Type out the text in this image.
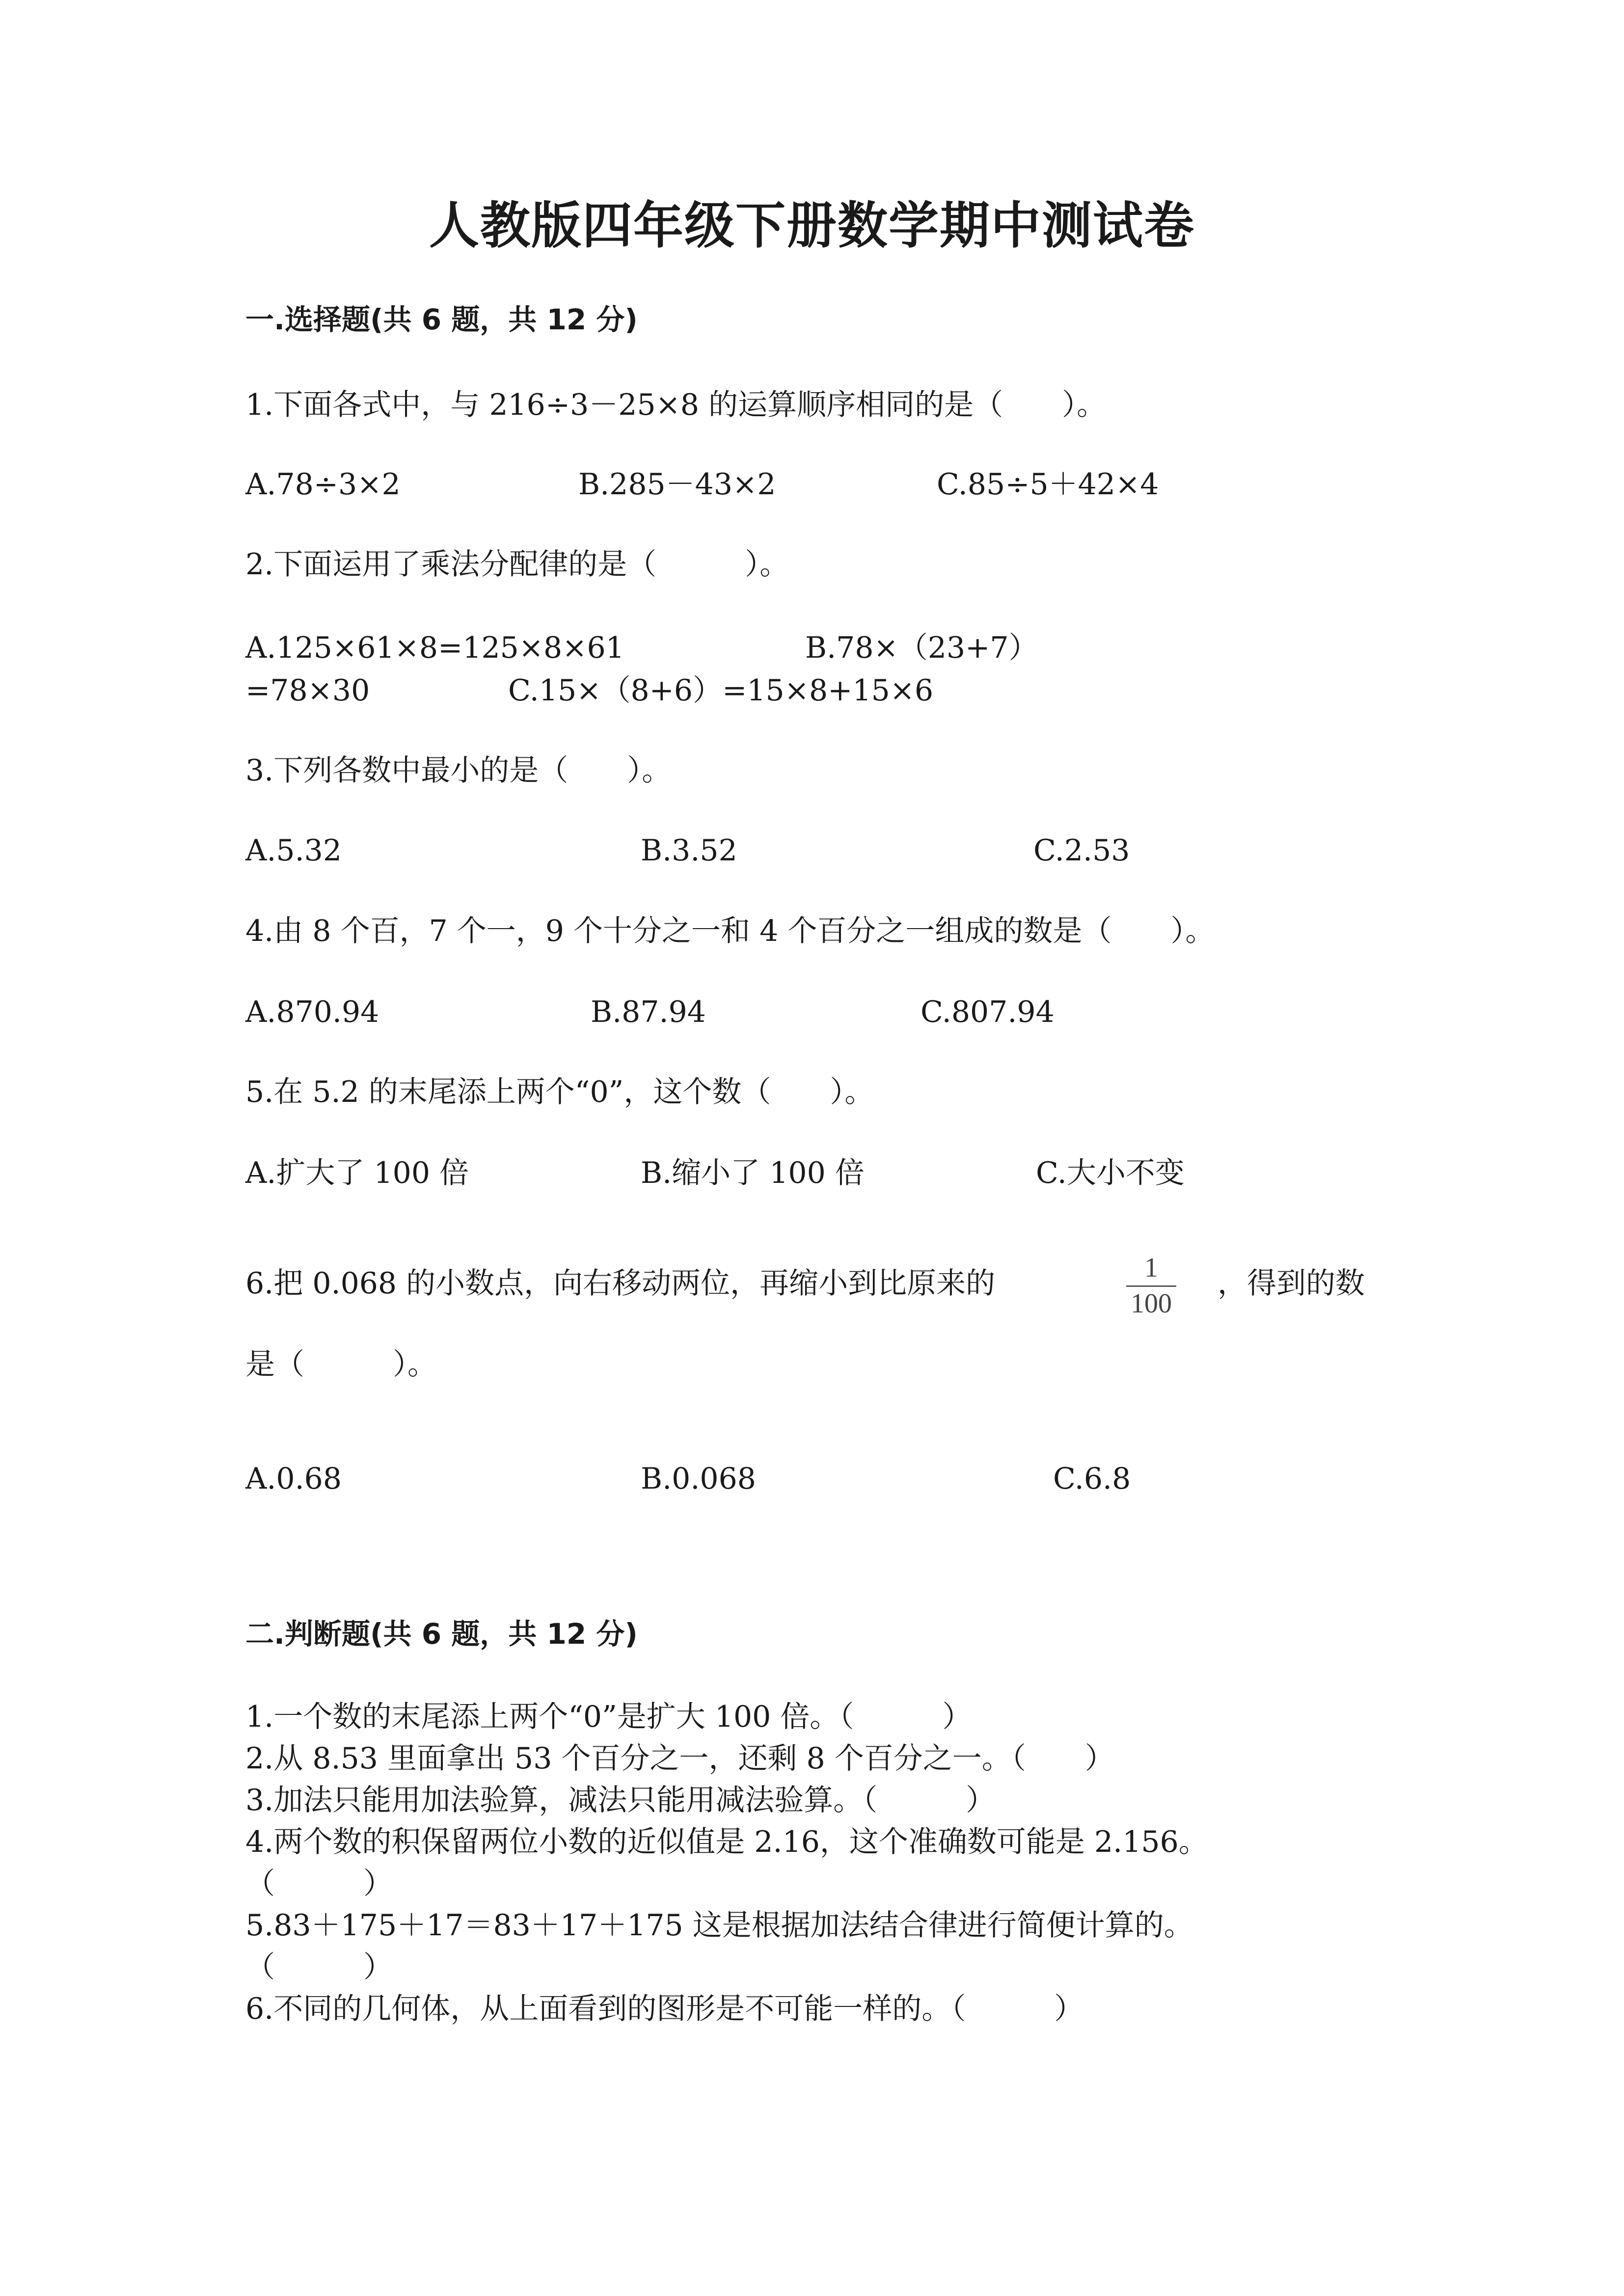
人教版四年级下册数学期中测试卷
一.选择题(共 6 题，共 12 分)
1.下面各式中，与 216÷3－25×8 的运算顺序相同的是（　　）。
A.78÷3×2	B.285－43×2	C.85÷5＋42×4
2.下面运用了乘法分配律的是（　　　）。
A.125×61×8=125×8×61	B.78×（23+7）
=78×30	C.15×（8+6）=15×8+15×6
3.下列各数中最小的是（　　）。
A.5.32	B.3.52	C.2.53
4.由 8 个百，7 个一，9 个十分之一和 4 个百分之一组成的数是（　　）。
A.870.94	B.87.94	C.807.94
5.在 5.2 的末尾添上两个“0”，这个数（　　）。
A.扩大了 100 倍	B.缩小了 100 倍	C.大小不变
6.把 0.068 的小数点，向右移动两位，再缩小到比原来的	1
100
，得到的数
是（　　　）。
A.0.68	B.0.068	C.6.8
二.判断题(共 6 题，共 12 分)
1.一个数的末尾添上两个“0”是扩大 100 倍。（　　　）
2.从 8.53 里面拿出 53 个百分之一，还剩 8 个百分之一。（　　）
3.加法只能用加法验算，减法只能用减法验算。（　　　）
4.两个数的积保留两位小数的近似值是 2.16，这个准确数可能是 2.156。
（　　　）
5.83＋175＋17＝83＋17＋175 这是根据加法结合律进行简便计算的。
（　　　）
6.不同的几何体，从上面看到的图形是不可能一样的。（　　　）
